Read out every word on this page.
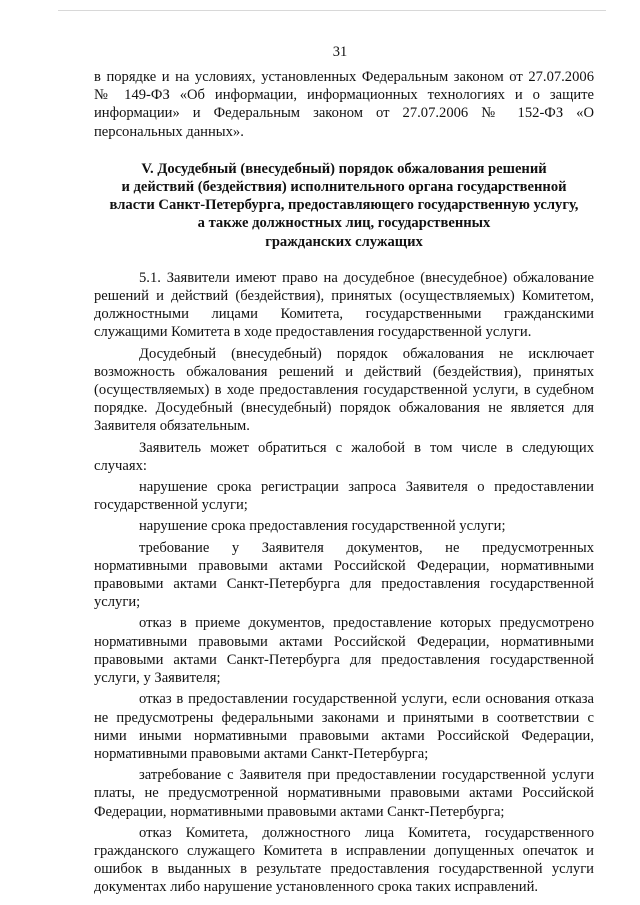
31

в порядке и на условиях, установленных Федеральным законом от 27.07.2006 № 149-ФЗ «Об информации, информационных технологиях и о защите информации» и Федеральным законом от 27.07.2006 № 152-ФЗ «О персональных данных».

V. Досудебный (внесудебный) порядок обжалования решений
и действий (бездействия) исполнительного органа государственной
власти Санкт-Петербурга, предоставляющего государственную услугу,
а также должностных лиц, государственных
гражданских служащих

5.1. Заявители имеют право на досудебное (внесудебное) обжалование решений и действий (бездействия), принятых (осуществляемых) Комитетом, должностными лицами Комитета, государственными гражданскими служащими Комитета в ходе предоставления государственной услуги.

Досудебный (внесудебный) порядок обжалования не исключает возможность обжалования решений и действий (бездействия), принятых (осуществляемых) в ходе предоставления государственной услуги, в судебном порядке. Досудебный (внесудебный) порядок обжалования не является для Заявителя обязательным.

Заявитель может обратиться с жалобой в том числе в следующих случаях:

нарушение срока регистрации запроса Заявителя о предоставлении государственной услуги;

нарушение срока предоставления государственной услуги;

требование у Заявителя документов, не предусмотренных нормативными правовыми актами Российской Федерации, нормативными правовыми актами Санкт-Петербурга для предоставления государственной услуги;

отказ в приеме документов, предоставление которых предусмотрено нормативными правовыми актами Российской Федерации, нормативными правовыми актами Санкт-Петербурга для предоставления государственной услуги, у Заявителя;

отказ в предоставлении государственной услуги, если основания отказа не предусмотрены федеральными законами и принятыми в соответствии с ними иными нормативными правовыми актами Российской Федерации, нормативными правовыми актами Санкт-Петербурга;

затребование с Заявителя при предоставлении государственной услуги платы, не предусмотренной нормативными правовыми актами Российской Федерации, нормативными правовыми актами Санкт-Петербурга;

отказ Комитета, должностного лица Комитета, государственного гражданского служащего Комитета в исправлении допущенных опечаток и ошибок в выданных в результате предоставления государственной услуги документах либо нарушение установленного срока таких исправлений.
